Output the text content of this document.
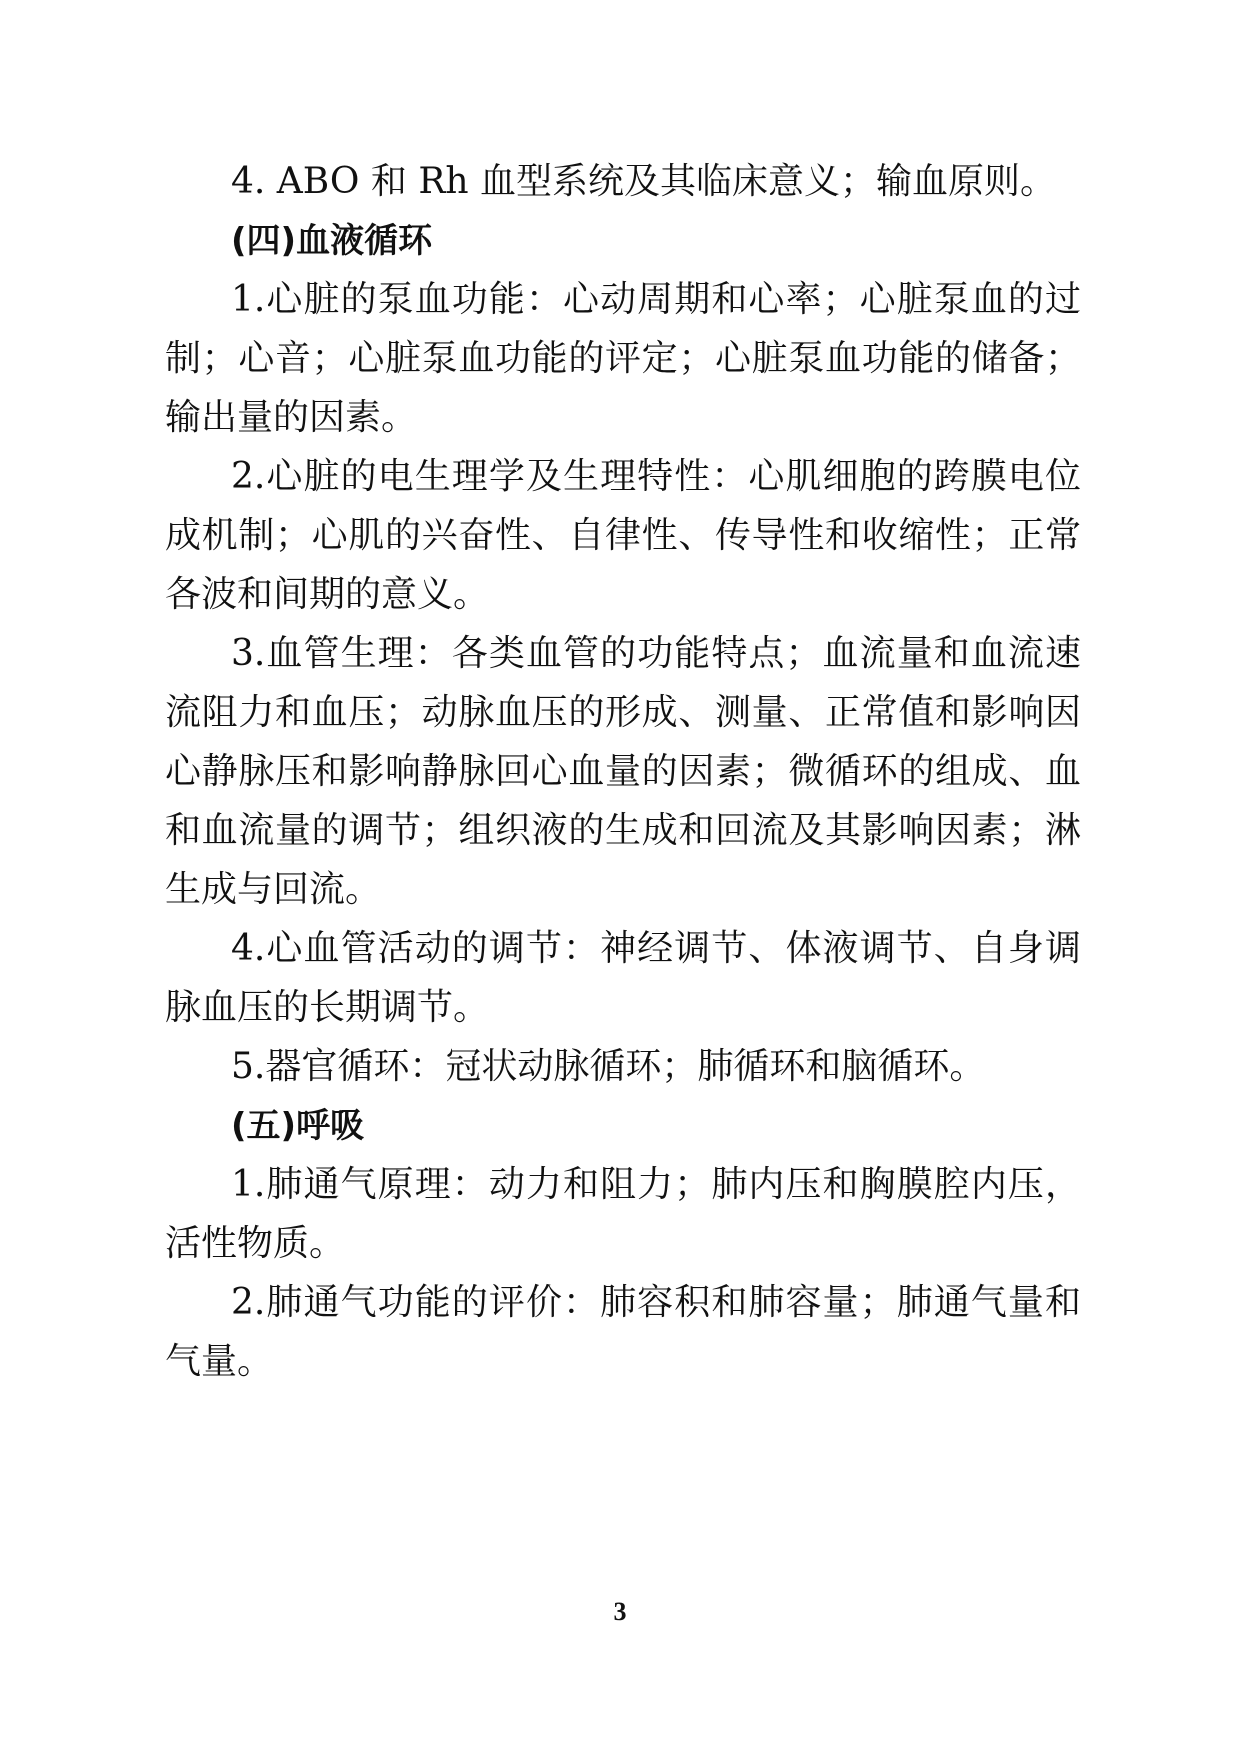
4. ABO 和 Rh 血型系统及其临床意义；输血原则。
(四)血液循环
1.心脏的泵血功能：心动周期和心率；心脏泵血的过
制；心音；心脏泵血功能的评定；心脏泵血功能的储备；
输出量的因素。
2.心脏的电生理学及生理特性：心肌细胞的跨膜电位
成机制；心肌的兴奋性、自律性、传导性和收缩性；正常
各波和间期的意义。
3.血管生理：各类血管的功能特点；血流量和血流速
流阻力和血压；动脉血压的形成、测量、正常值和影响因
心静脉压和影响静脉回心血量的因素；微循环的组成、血
和血流量的调节；组织液的生成和回流及其影响因素；淋
生成与回流。
4.心血管活动的调节：神经调节、体液调节、自身调
脉血压的长期调节。
5.器官循环：冠状动脉循环；肺循环和脑循环。
(五)呼吸
1.肺通气原理：动力和阻力；肺内压和胸膜腔内压，
活性物质。
2.肺通气功能的评价：肺容积和肺容量；肺通气量和
气量。
3
